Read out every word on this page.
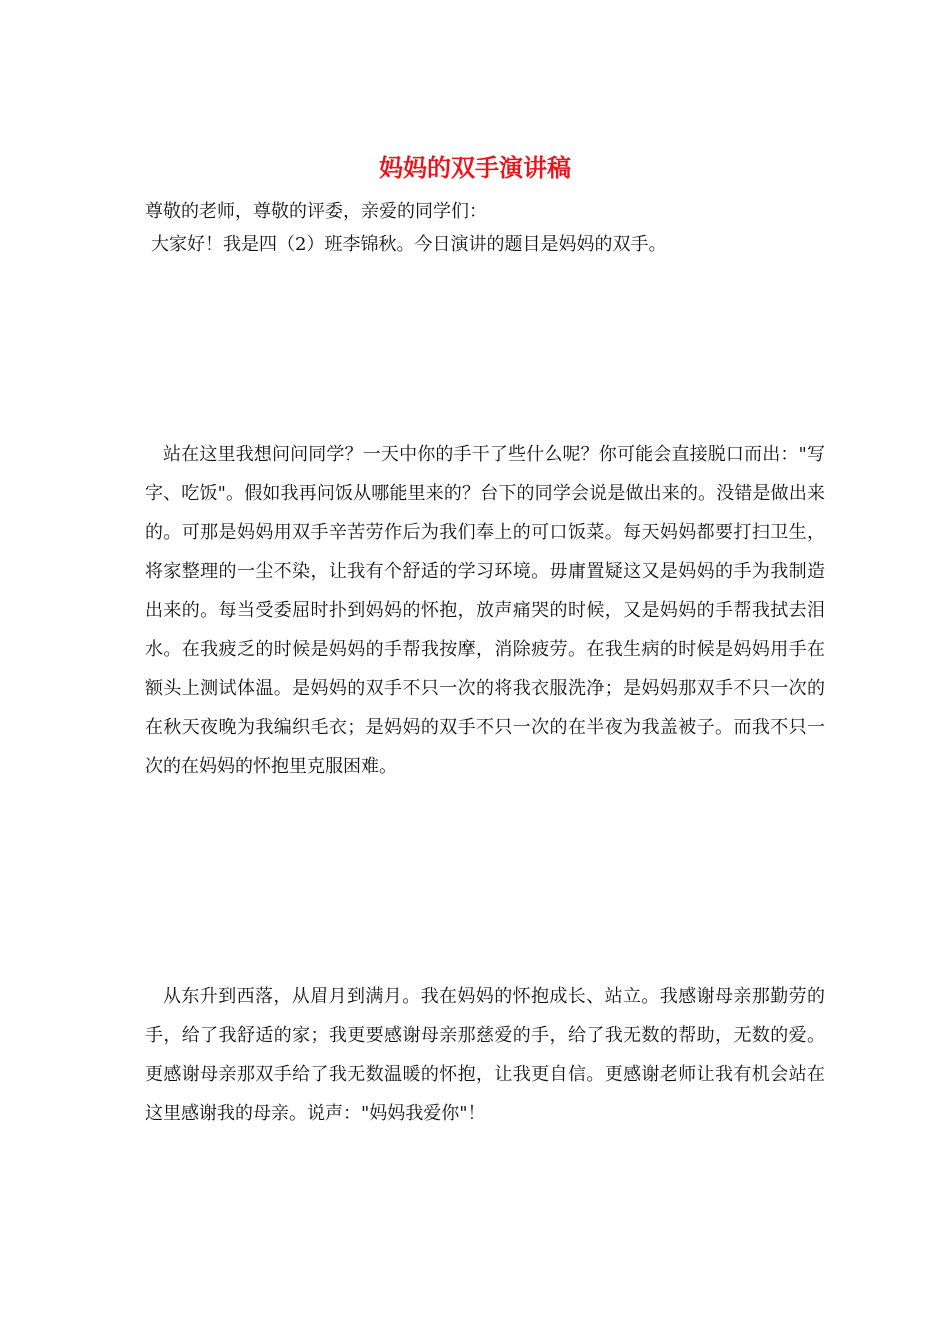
妈妈的双手演讲稿
尊敬的老师，尊敬的评委，亲爱的同学们：
大家好！我是四（2）班李锦秋。今日演讲的题目是妈妈的双手。

站在这里我想问问同学？一天中你的手干了些什么呢？你可能会直接脱口而出："写字、吃饭"。假如我再问饭从哪能里来的？台下的同学会说是做出来的。没错是做出来的。可那是妈妈用双手辛苦劳作后为我们奉上的可口饭菜。每天妈妈都要打扫卫生，将家整理的一尘不染，让我有个舒适的学习环境。毋庸置疑这又是妈妈的手为我制造出来的。每当受委屈时扑到妈妈的怀抱，放声痛哭的时候，又是妈妈的手帮我拭去泪水。在我疲乏的时候是妈妈的手帮我按摩，消除疲劳。在我生病的时候是妈妈用手在额头上测试体温。是妈妈的双手不只一次的将我衣服洗净；是妈妈那双手不只一次的在秋天夜晚为我编织毛衣；是妈妈的双手不只一次的在半夜为我盖被子。而我不只一次的在妈妈的怀抱里克服困难。

从东升到西落，从眉月到满月。我在妈妈的怀抱成长、站立。我感谢母亲那勤劳的手，给了我舒适的家；我更要感谢母亲那慈爱的手，给了我无数的帮助，无数的爱。更感谢母亲那双手给了我无数温暖的怀抱，让我更自信。更感谢老师让我有机会站在这里感谢我的母亲。说声："妈妈我爱你"！
